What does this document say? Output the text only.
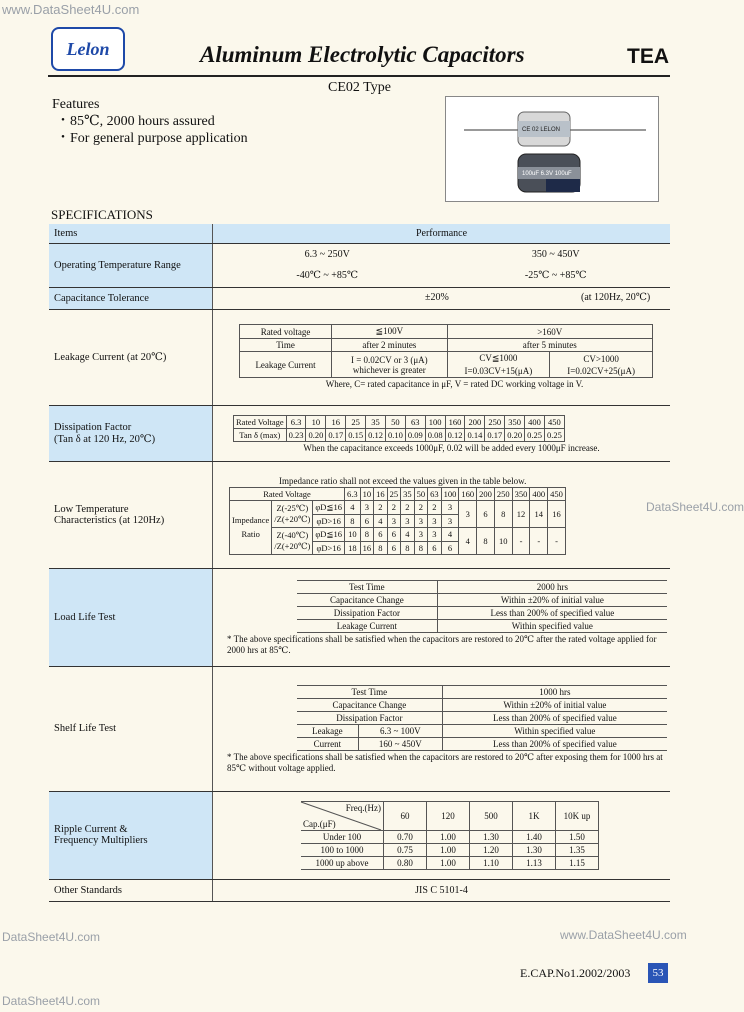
www.DataSheet4U.com
Lelon	Aluminum Electrolytic Capacitors	TEA
CE02 Type
Features
・85℃, 2000 hours assured
・For general purpose application
CE 02 LELON
100uF 6.3V 100uF
SPECIFICATIONS
Items	Performance
Operating Temperature Range	
6.3 ~ 250V	350 ~ 450V
-40℃ ~ +85℃	-25℃ ~ +85℃

Capacitance Tolerance	±20%	(at 120Hz, 20℃)

Leakage Current (at 20℃)	
Rated voltage	≦100V	>160V
Time	after 2 minutes	after 5 minutes
Leakage Current	I = 0.02CV or 3 (μA)
whichever is greater
	CV≦1000	CV>1000
I=0.03CV+15(μA)	I=0.02CV+25(μA)
Where, C= rated capacitance in μF, V = rated DC working voltage in V.

Dissipation Factor
(Tan δ at 120 Hz, 20℃)

Rated Voltage	6.3	10	16	25	35	50	63	100	160	200	250	350	400	450
Tan δ (max)	0.23	0.20	0.17	0.15	0.12	0.10	0.09	0.08	0.12	0.14	0.17	0.20	0.25	0.25
When the capacitance exceeds 1000μF, 0.02 will be added every 1000μF increase.

Low Temperature
Characteristics (at 120Hz)

Impedance ratio shall not exceed the values given in the table below.
Rated Voltage	6.3	10	16	25	35	50	63	100	160	200	250	350	400	450

Impedance
Ratio

Z(-25℃)
/Z(+20℃)
	φD≦16	4	3	2	2	2	2	2	3	3	6	8	12	14	16
φD>16	8	6	4	3	3	3	3	3

Z(-40℃)
/Z(+20℃)
	φD≦16	10	8	6	6	4	3	3	4	4	8	10	-	-	-
φD>16	18	16	8	6	8	8	6	6

Load Life Test	
Test Time	2000 hrs
Capacitance Change	Within ±20% of initial value
Dissipation Factor	Less than 200% of specified value
Leakage Current	Within specified value
* The above specifications shall be satisfied when the capacitors are restored to 20℃ after the rated voltage applied for 2000 hrs at 85℃.

Shelf Life Test	
Test Time	1000 hrs
Capacitance Change	Within ±20% of initial value
Dissipation Factor	Less than 200% of specified value
Leakage	6.3 ~ 100V	Within specified value
Current	160 ~ 450V	Less than 200% of specified value
* The above specifications shall be satisfied when the capacitors are restored to 20℃ after exposing them for 1000 hrs at 85℃ without voltage applied.

Ripple Current &
Frequency Multipliers

Freq.(Hz)
Cap.(μF)
	60	120	500	1K	10K up
Under 100	0.70	1.00	1.30	1.40	1.50
100 to 1000	0.75	1.00	1.20	1.30	1.35
1000 up above	0.80	1.00	1.10	1.13	1.15

Other Standards	JIS C 5101-4
DataSheet4U.com
www.DataSheet4U.com
DataSheet4U.com
DataSheet4U.com
E.CAP.No1.2002/2003	53
